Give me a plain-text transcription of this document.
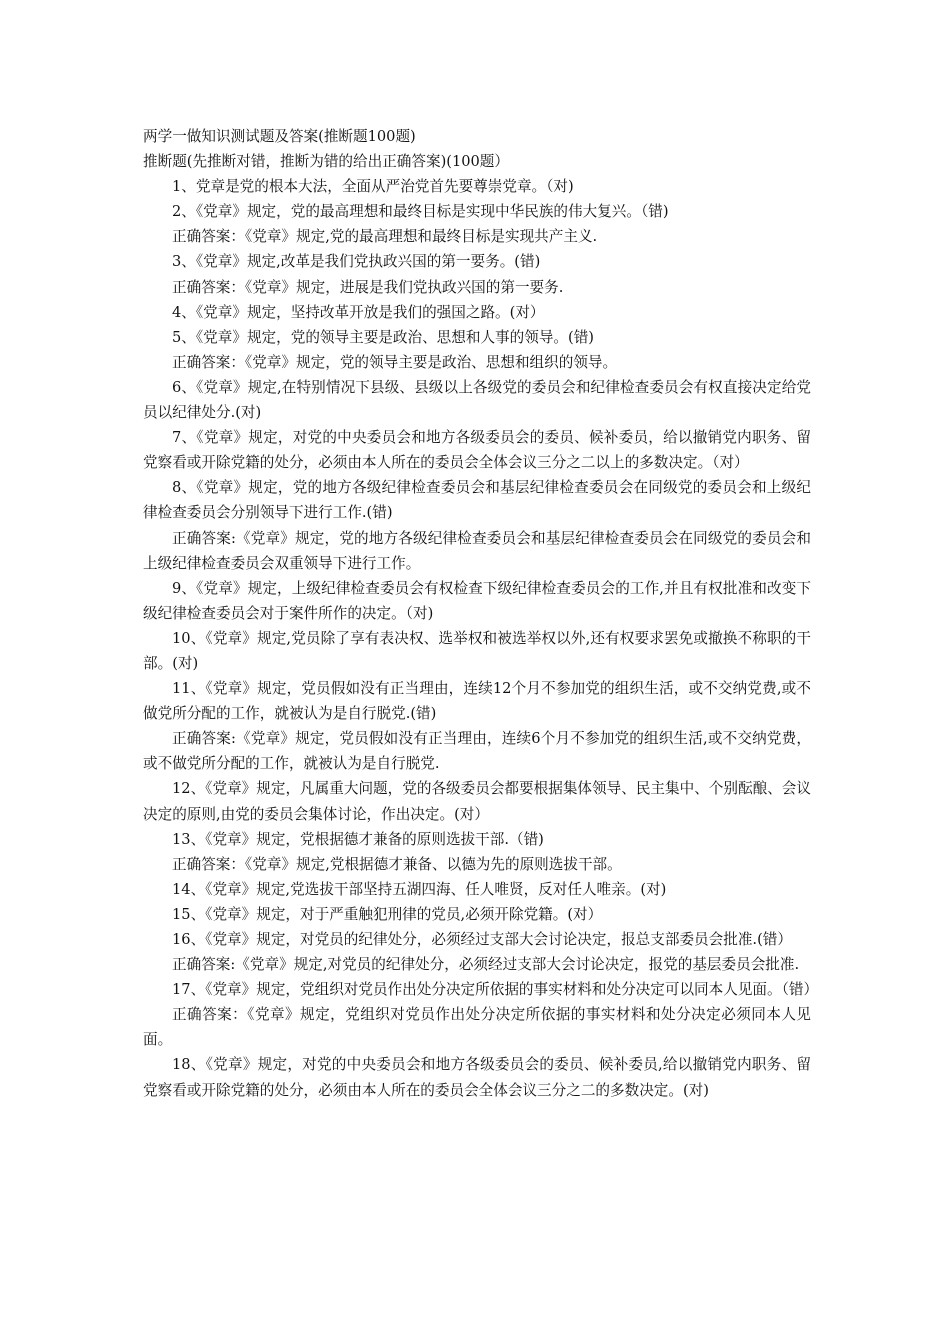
两学一做知识测试题及答案(推断题100题)

推断题(先推断对错，推断为错的给出正确答案)(100题）

1、党章是党的根本大法，全面从严治党首先要尊崇党章。（对)

2、《党章》规定，党的最高理想和最终目标是实现中华民族的伟大复兴。（错)

正确答案：《党章》规定,党的最高理想和最终目标是实现共产主义.

3、《党章》规定,改革是我们党执政兴国的第一要务。(错)

正确答案：《党章》规定，进展是我们党执政兴国的第一要务.

4、《党章》规定，坚持改革开放是我们的强国之路。(对）

5、《党章》规定，党的领导主要是政治、思想和人事的领导。(错)

正确答案：《党章》规定，党的领导主要是政治、思想和组织的领导。

6、《党章》规定,在特别情况下县级、县级以上各级党的委员会和纪律检查委员会有权直接决定给党员以纪律处分.(对)

7、《党章》规定，对党的中央委员会和地方各级委员会的委员、候补委员，给以撤销党内职务、留党察看或开除党籍的处分，必须由本人所在的委员会全体会议三分之二以上的多数决定。（对）

8、《党章》规定，党的地方各级纪律检查委员会和基层纪律检查委员会在同级党的委员会和上级纪律检查委员会分别领导下进行工作.(错)

正确答案:《党章》规定，党的地方各级纪律检查委员会和基层纪律检查委员会在同级党的委员会和上级纪律检查委员会双重领导下进行工作。

9、《党章》规定，上级纪律检查委员会有权检查下级纪律检查委员会的工作,并且有权批准和改变下级纪律检查委员会对于案件所作的决定。（对)

10、《党章》规定,党员除了享有表决权、选举权和被选举权以外,还有权要求罢免或撤换不称职的干部。(对)

11、《党章》规定，党员假如没有正当理由，连续12个月不参加党的组织生活，或不交纳党费,或不做党所分配的工作，就被认为是自行脱党.(错)

正确答案:《党章》规定，党员假如没有正当理由，连续6个月不参加党的组织生活,或不交纳党费，或不做党所分配的工作，就被认为是自行脱党.

12、《党章》规定，凡属重大问题，党的各级委员会都要根据集体领导、民主集中、个别酝酿、会议决定的原则,由党的委员会集体讨论，作出决定。(对）

13、《党章》规定，党根据德才兼备的原则选拔干部.（错)

正确答案：《党章》规定,党根据德才兼备、以德为先的原则选拔干部。

14、《党章》规定,党选拔干部坚持五湖四海、任人唯贤，反对任人唯亲。(对)

15、《党章》规定，对于严重触犯刑律的党员,必须开除党籍。(对）

16、《党章》规定，对党员的纪律处分，必须经过支部大会讨论决定，报总支部委员会批准.(错）

正确答案:《党章》规定,对党员的纪律处分，必须经过支部大会讨论决定，报党的基层委员会批准.

17、《党章》规定，党组织对党员作出处分决定所依据的事实材料和处分决定可以同本人见面。（错）

正确答案：《党章》规定，党组织对党员作出处分决定所依据的事实材料和处分决定必须同本人见面。

18、《党章》规定，对党的中央委员会和地方各级委员会的委员、候补委员,给以撤销党内职务、留党察看或开除党籍的处分，必须由本人所在的委员会全体会议三分之二的多数决定。(对)
